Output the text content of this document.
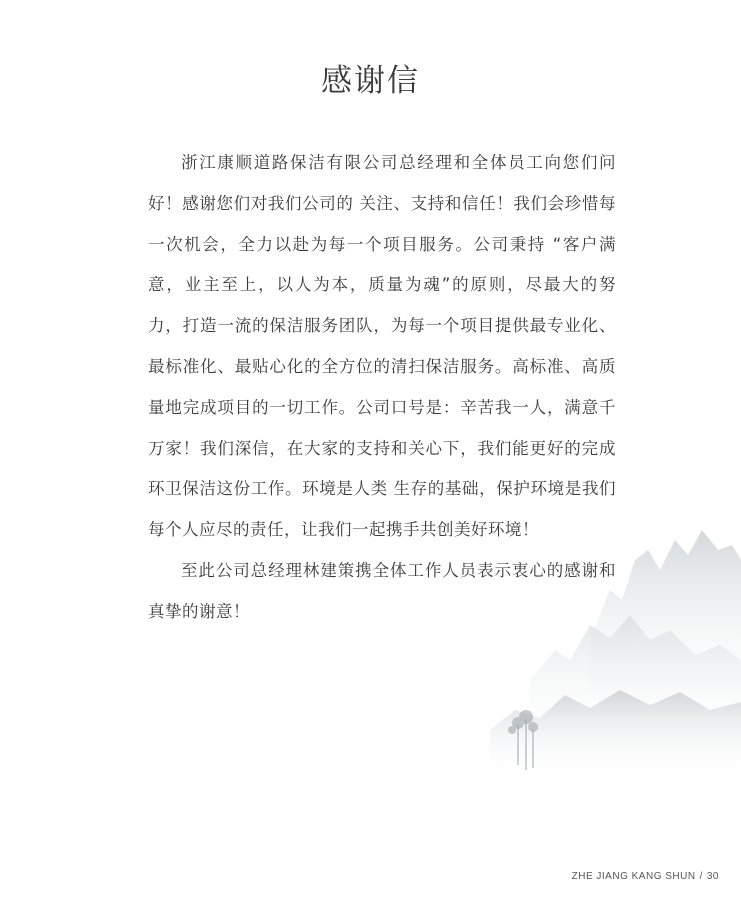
感谢信

浙江康顺道路保洁有限公司总经理和全体员工向您们问好！感谢您们对我们公司的 关注、支持和信任！我们会珍惜每一次机会，全力以赴为每一个项目服务。公司秉持 “客户满意，业主至上，以人为本，质量为魂”的原则，尽最大的努力，打造一流的保洁服务团队，为每一个项目提供最专业化、最标准化、最贴心化的全方位的清扫保洁服务。高标准、高质量地完成项目的一切工作。公司口号是：辛苦我一人，满意千万家！我们深信，在大家的支持和关心下，我们能更好的完成环卫保洁这份工作。环境是人类 生存的基础，保护环境是我们每个人应尽的责任，让我们一起携手共创美好环境！

至此公司总经理林建策携全体工作人员表示衷心的感谢和真挚的谢意！

ZHE JIANG KANG SHUN / 30
